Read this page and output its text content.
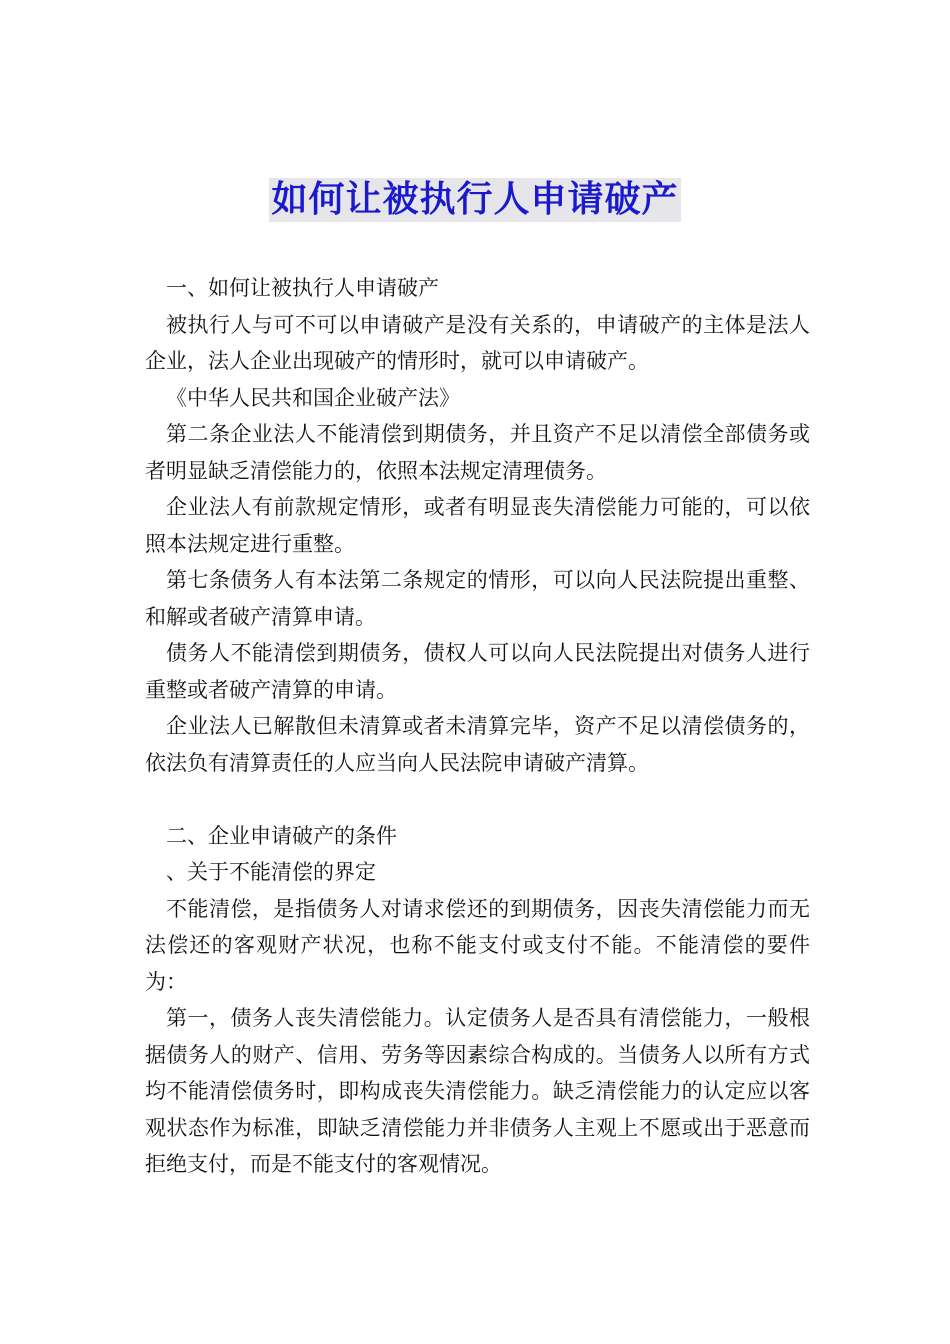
如何让被执行人申请破产

一、如何让被执行人申请破产

被执行人与可不可以申请破产是没有关系的，申请破产的主体是法人企业，法人企业出现破产的情形时，就可以申请破产。

《中华人民共和国企业破产法》

第二条企业法人不能清偿到期债务，并且资产不足以清偿全部债务或者明显缺乏清偿能力的，依照本法规定清理债务。

企业法人有前款规定情形，或者有明显丧失清偿能力可能的，可以依照本法规定进行重整。

第七条债务人有本法第二条规定的情形，可以向人民法院提出重整、和解或者破产清算申请。

债务人不能清偿到期债务，债权人可以向人民法院提出对债务人进行重整或者破产清算的申请。

企业法人已解散但未清算或者未清算完毕，资产不足以清偿债务的，依法负有清算责任的人应当向人民法院申请破产清算。

二、企业申请破产的条件

、关于不能清偿的界定

不能清偿，是指债务人对请求偿还的到期债务，因丧失清偿能力而无法偿还的客观财产状况，也称不能支付或支付不能。不能清偿的要件为：

第一，债务人丧失清偿能力。认定债务人是否具有清偿能力，一般根据债务人的财产、信用、劳务等因素综合构成的。当债务人以所有方式均不能清偿债务时，即构成丧失清偿能力。缺乏清偿能力的认定应以客观状态作为标准，即缺乏清偿能力并非债务人主观上不愿或出于恶意而拒绝支付，而是不能支付的客观情况。
